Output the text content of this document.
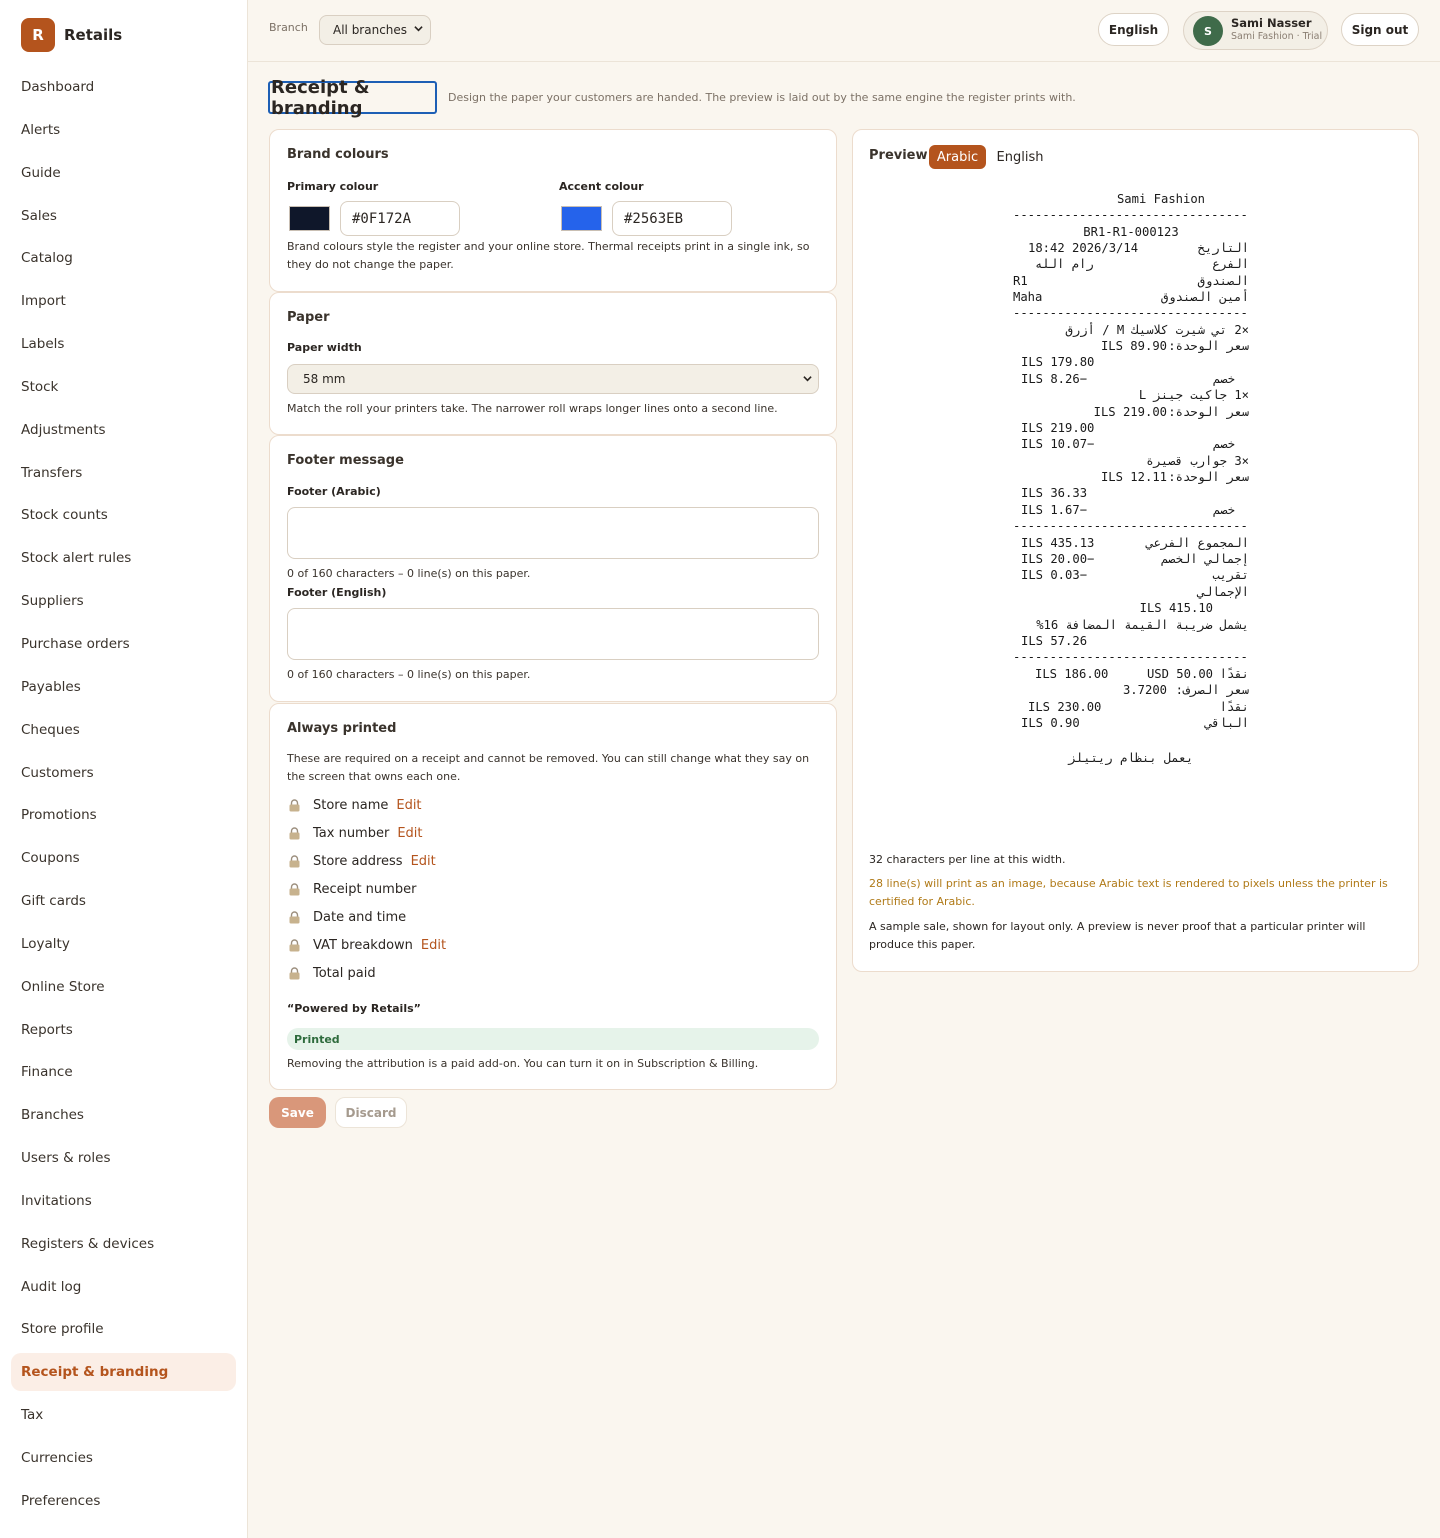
R	Retails
Dashboard
Alerts
Guide
Sales
Catalog
Import
Labels
Stock
Adjustments
Transfers
Stock counts
Stock alert rules
Suppliers
Purchase orders
Payables
Cheques
Customers
Promotions
Coupons
Gift cards
Loyalty
Online Store
Reports
Finance
Branches
Users & roles
Invitations
Registers & devices
Audit log
Store profile
Receipt & branding
Tax
Currencies
Preferences
Branch All branches	English	S
Sami Nasser
Sami Fashion · Trial	Sign out
Receipt & branding	Design the paper your customers are handed. The preview is laid out by the same engine the register prints with.

Brand colours
Primary colour
#0F172A
Accent colour
#2563EB

Brand colours style the register and your online store. Thermal receipts print in a single ink, so they do not change the paper.

Paper
Paper width
58 mm

Match the roll your printers take. The narrower roll wraps longer lines onto a second line.

Footer message
Footer (Arabic)

0 of 160 characters – 0 line(s) on this paper.

Footer (English)

0 of 160 characters – 0 line(s) on this paper.

Always printed

These are required on a receipt and cannot be removed. You can still change what they say on the screen that owns each one.

Store name Edit
Tax number Edit
Store address Edit
Receipt number
Date and time
VAT breakdown Edit
Total paid
“Powered by Retails”
Printed

Removing the attribution is a paid add-on. You can turn it on in Subscription & Billing.

Save	Discard
Preview Arabic	English
Sami Fashion
--------------------------------
BR1-R1-000123
18:42 2026/3/14	التاريخ
رام الله	الفرع
R1	الصندوق
Maha	أمين الصندوق
--------------------------------
×2 تي شيرت كلاسيك M / أزرق
ILS 89.90 سعر الوحدة:
ILS 179.80
ILS 8.26−	خصم
×1 جاكيت جينز L
ILS 219.00 سعر الوحدة:
ILS 219.00
ILS 10.07−	خصم
×3 جوارب قصيرة
ILS 12.11 سعر الوحدة:
ILS 36.33
ILS 1.67−	خصم
--------------------------------
ILS 435.13	المجموع الفرعي
ILS 20.00−	إجمالي الخصم
ILS 0.03−	تقريب
الإجمالي
ILS 415.10
يشمل ضريبة القيمة المضافة 16%
ILS 57.26
--------------------------------
ILS 186.00	USD 50.00 نقدًا
3.7200 سعر الصرف:
ILS 230.00	نقدًا
ILS 0.90	الباقي
يعمل بنظام ريتيلز

32 characters per line at this width.

28 line(s) will print as an image, because Arabic text is rendered to pixels unless the printer is certified for Arabic.

A sample sale, shown for layout only. A preview is never proof that a particular printer will produce this paper.
